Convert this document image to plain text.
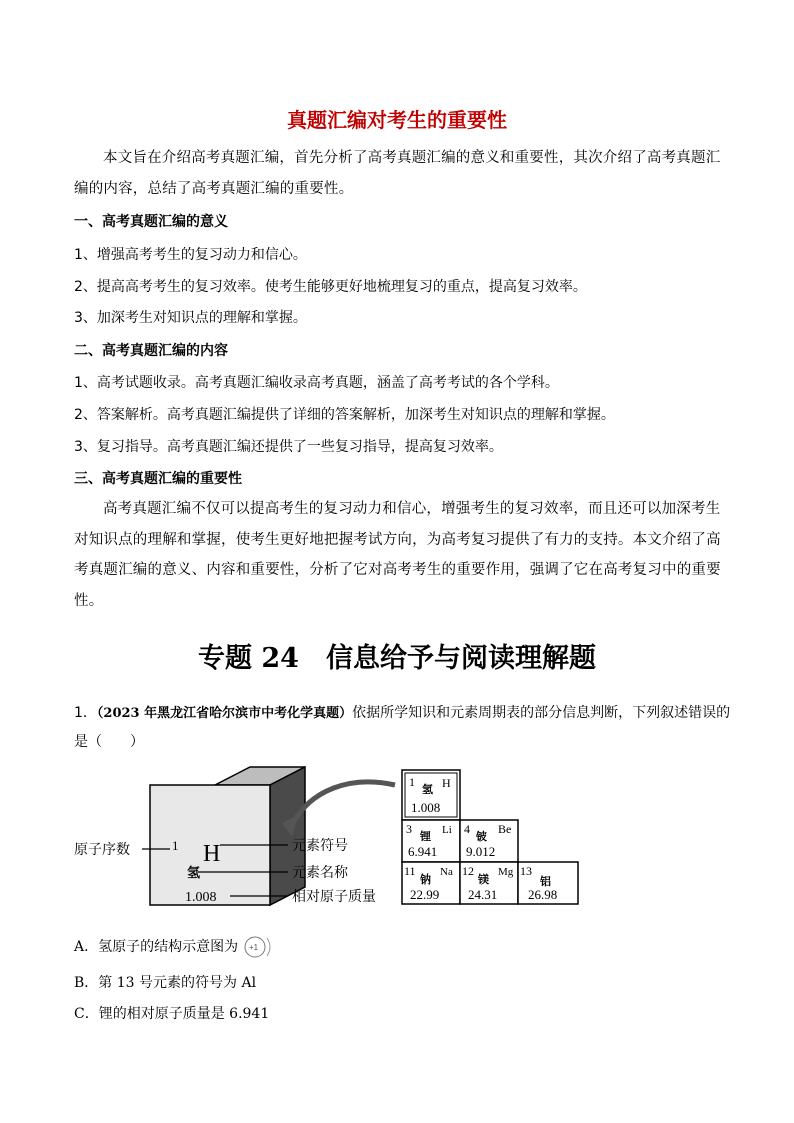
真题汇编对考生的重要性
本文旨在介绍高考真题汇编，首先分析了高考真题汇编的意义和重要性，其次介绍了高考真题汇编的内容，总结了高考真题汇编的重要性。
一、高考真题汇编的意义
1、增强高考考生的复习动力和信心。
2、提高高考考生的复习效率。使考生能够更好地梳理复习的重点，提高复习效率。
3、加深考生对知识点的理解和掌握。
二、高考真题汇编的内容
1、高考试题收录。高考真题汇编收录高考真题，涵盖了高考考试的各个学科。
2、答案解析。高考真题汇编提供了详细的答案解析，加深考生对知识点的理解和掌握。
3、复习指导。高考真题汇编还提供了一些复习指导，提高复习效率。
三、高考真题汇编的重要性
高考真题汇编不仅可以提高考生的复习动力和信心，增强考生的复习效率，而且还可以加深考生对知识点的理解和掌握，使考生更好地把握考试方向，为高考复习提供了有力的支持。本文介绍了高考真题汇编的意义、内容和重要性，分析了它对高考考生的重要作用，强调了它在高考复习中的重要性。
专题 24　信息给予与阅读理解题
1．（2023 年黑龙江省哈尔滨市中考化学真题）依据所学知识和元素周期表的部分信息判断，下列叙述错误的是（　　）
1 H
氢
1.008
原子序数	元素符号
元素名称
相对原子质量
1
氢 H
1.008
3
锂 Li
6.941
4
铍
Be
9.012
11
钠
Na
22.99
12
镁
Mg
24.31
13
铝
26.98
A．氢原子的结构示意图为 +1
B．第 13 号元素的符号为 Al
C．锂的相对原子质量是 6.941
